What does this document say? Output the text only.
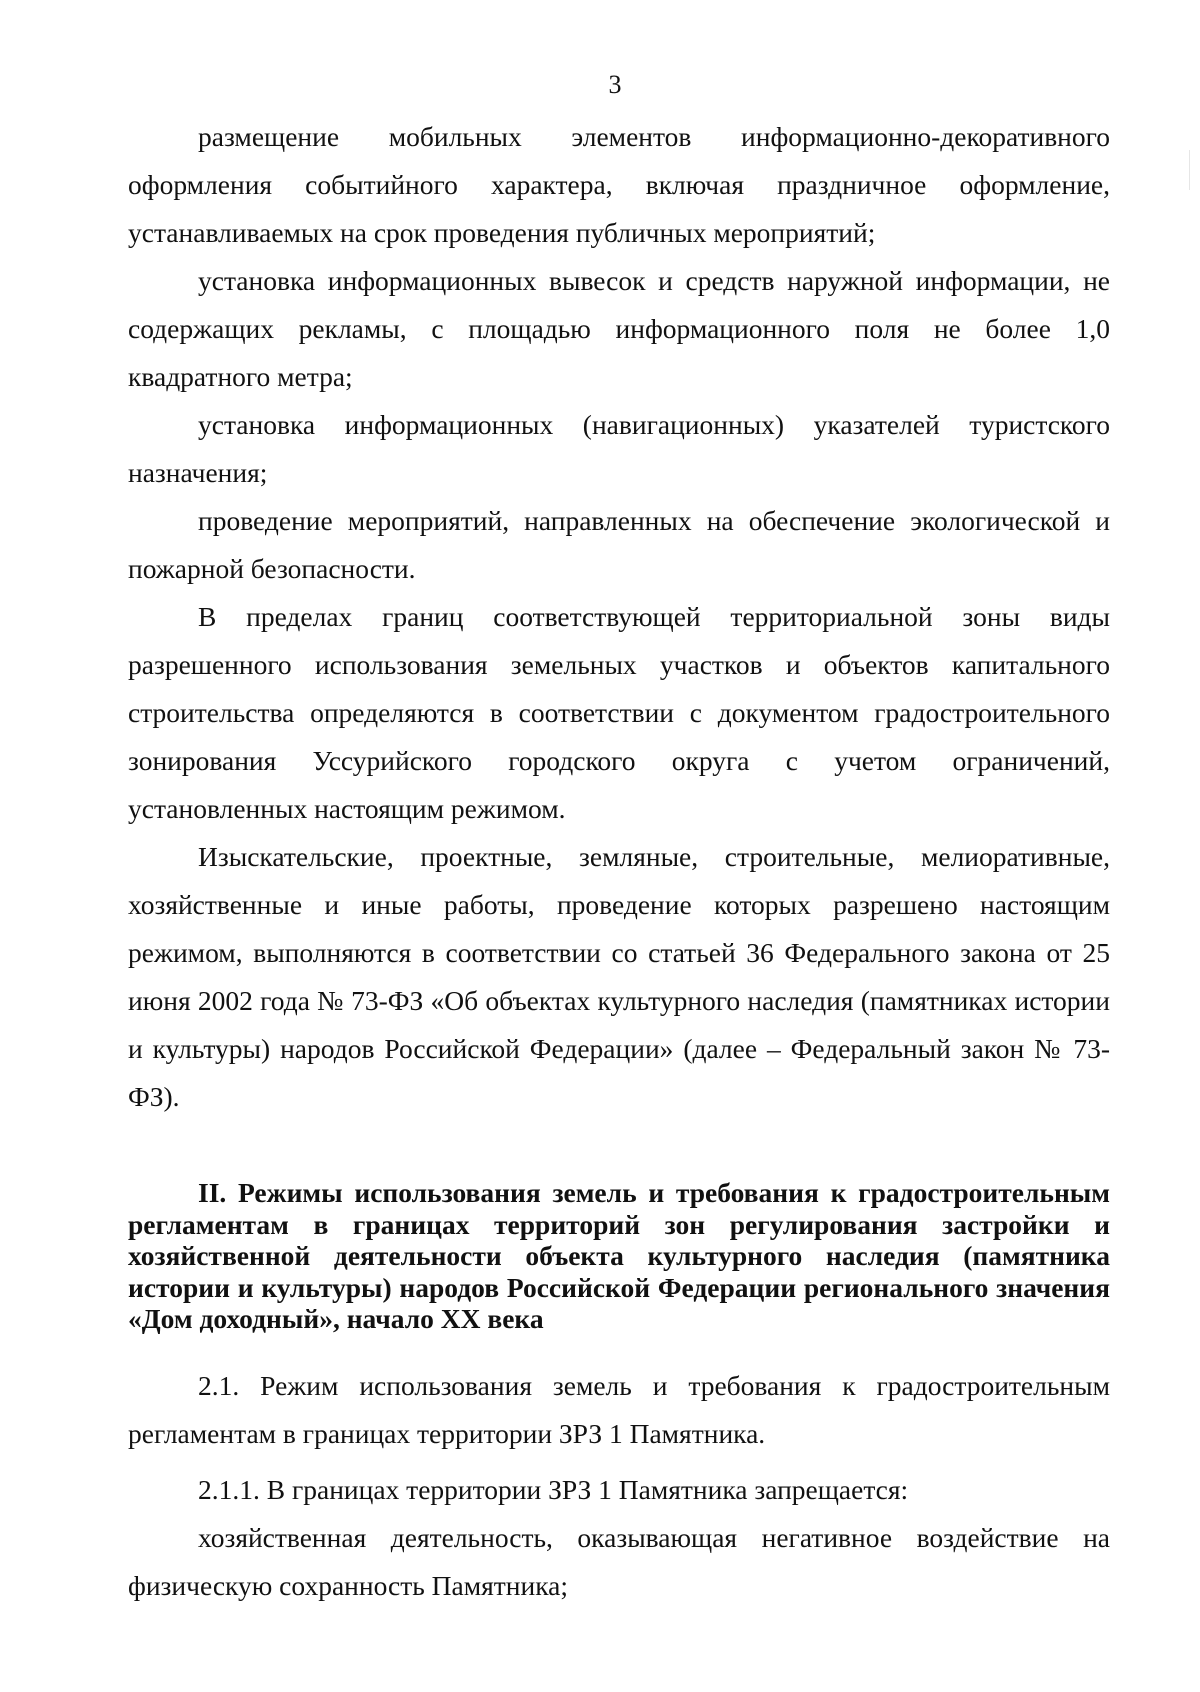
3

размещение мобильных элементов информационно-декоративного оформления событийного характера, включая праздничное оформление, устанавливаемых на срок проведения публичных мероприятий;

установка информационных вывесок и средств наружной информации, не содержащих рекламы, с площадью информационного поля не более 1,0 квадратного метра;

установка информационных (навигационных) указателей туристского назначения;

проведение мероприятий, направленных на обеспечение экологической и пожарной безопасности.

В пределах границ соответствующей территориальной зоны виды разрешенного использования земельных участков и объектов капитального строительства определяются в соответствии с документом градостроительного зонирования Уссурийского городского округа с учетом ограничений, установленных настоящим режимом.

Изыскательские, проектные, земляные, строительные, мелиоративные, хозяйственные и иные работы, проведение которых разрешено настоящим режимом, выполняются в соответствии со статьей 36 Федерального закона от 25 июня 2002 года № 73-ФЗ «Об объектах культурного наследия (памятниках истории и культуры) народов Российской Федерации» (далее – Федеральный закон № 73-ФЗ).

II. Режимы использования земель и требования к градостроительным регламентам в границах территорий зон регулирования застройки и хозяйственной деятельности объекта культурного наследия (памятника истории и культуры) народов Российской Федерации регионального значения «Дом доходный», начало XX века

2.1. Режим использования земель и требования к градостроительным регламентам в границах территории ЗРЗ 1 Памятника.

2.1.1. В границах территории ЗРЗ 1 Памятника запрещается:

хозяйственная деятельность, оказывающая негативное воздействие на физическую сохранность Памятника;
